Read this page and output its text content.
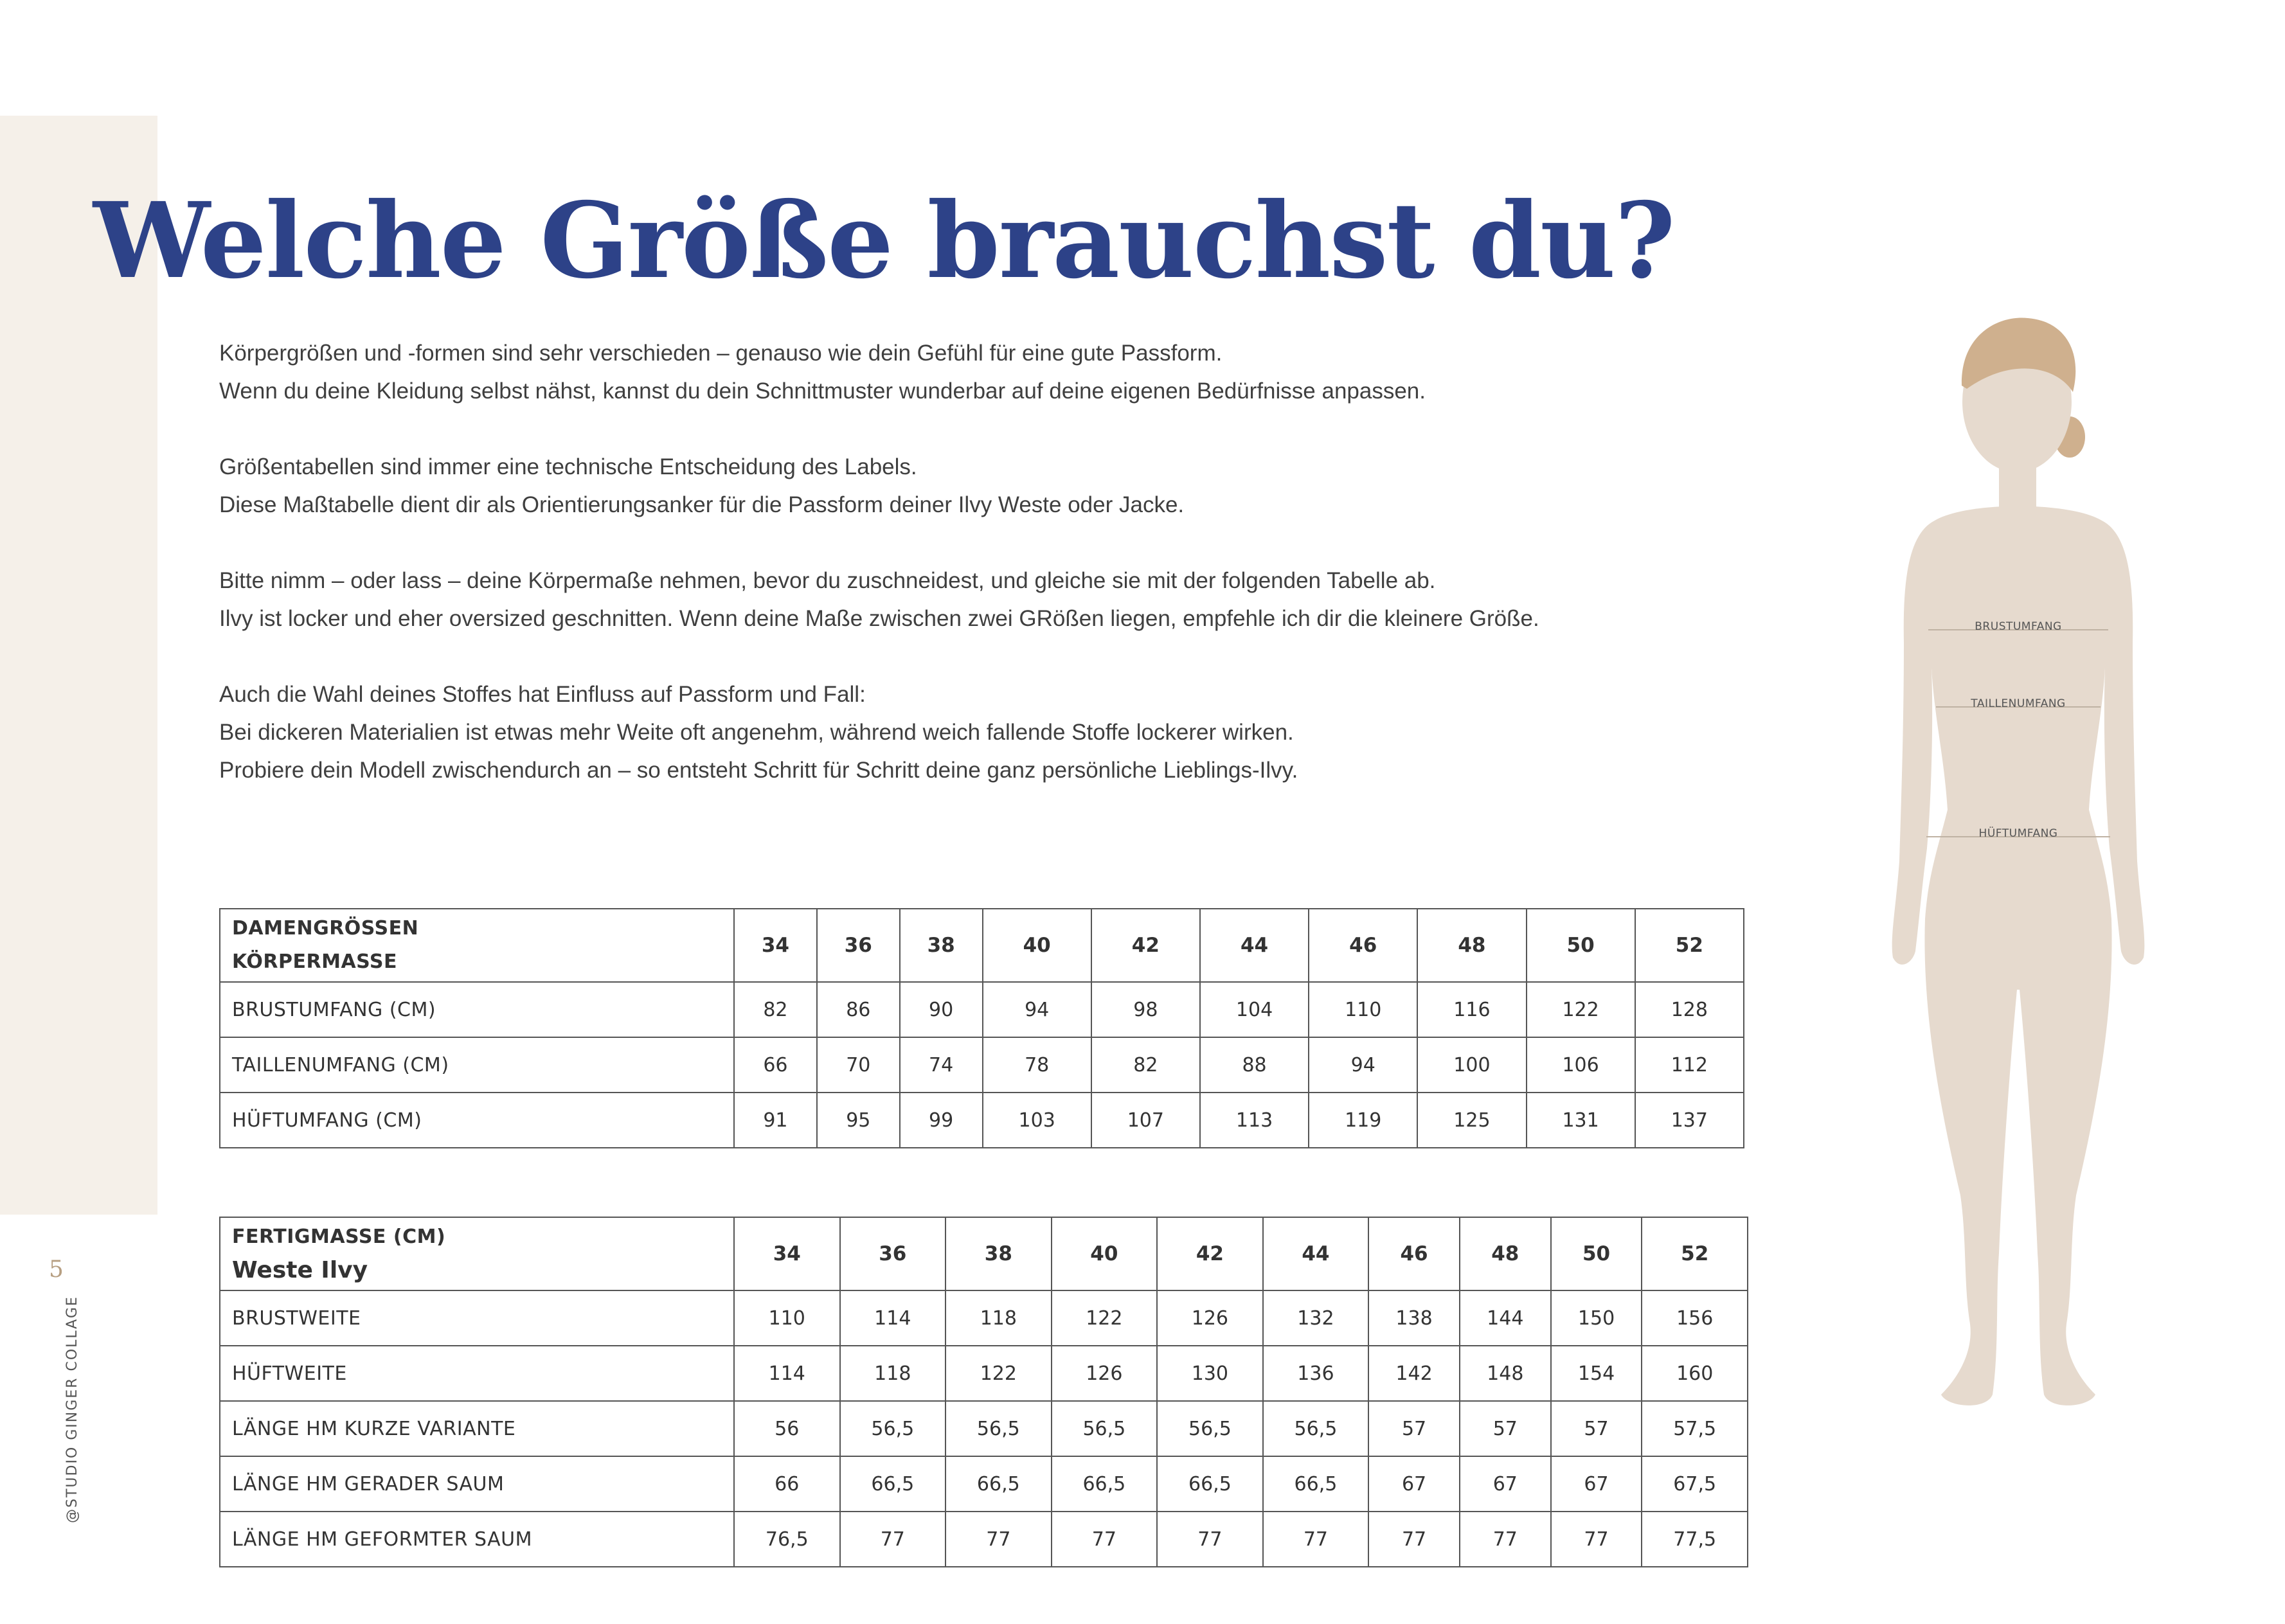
Welche Größe brauchst du?

Körpergrößen und -formen sind sehr verschieden – genauso wie dein Gefühl für eine gute Passform.
Wenn du deine Kleidung selbst nähst, kannst du dein Schnittmuster wunderbar auf deine eigenen Bedürfnisse anpassen.

Größentabellen sind immer eine technische Entscheidung des Labels.
Diese Maßtabelle dient dir als Orientierungsanker für die Passform deiner Ilvy Weste oder Jacke.

Bitte nimm – oder lass – deine Körpermaße nehmen, bevor du zuschneidest, und gleiche sie mit der folgenden Tabelle ab.
Ilvy ist locker und eher oversized geschnitten. Wenn deine Maße zwischen zwei GRößen liegen, empfehle ich dir die kleinere Größe.

Auch die Wahl deines Stoffes hat Einfluss auf Passform und Fall:
Bei dickeren Materialien ist etwas mehr Weite oft angenehm, während weich fallende Stoffe lockerer wirken.
Probiere dein Modell zwischendurch an – so entsteht Schritt für Schritt deine ganz persönliche Lieblings-Ilvy.

DAMENGRÖSSEN
KÖRPERMASSE	34	36	38	40	42	44	46	48	50	52
BRUSTUMFANG (CM)	82	86	90	94	98	104	110	116	122	128
TAILLENUMFANG (CM)	66	70	74	78	82	88	94	100	106	112
HÜFTUMFANG (CM)	91	95	99	103	107	113	119	125	131	137
FERTIGMASSE (CM)
Weste Ilvy	34	36	38	40	42	44	46	48	50	52
BRUSTWEITE	110	114	118	122	126	132	138	144	150	156
HÜFTWEITE	114	118	122	126	130	136	142	148	154	160
LÄNGE HM KURZE VARIANTE	56	56,5	56,5	56,5	56,5	56,5	57	57	57	57,5
LÄNGE HM GERADER SAUM	66	66,5	66,5	66,5	66,5	66,5	67	67	67	67,5
LÄNGE HM GEFORMTER SAUM	76,5	77	77	77	77	77	77	77	77	77,5
5
@STUDIO GINGER COLLAGE
BRUSTUMFANG
TAILLENUMFANG
HÜFTUMFANG
